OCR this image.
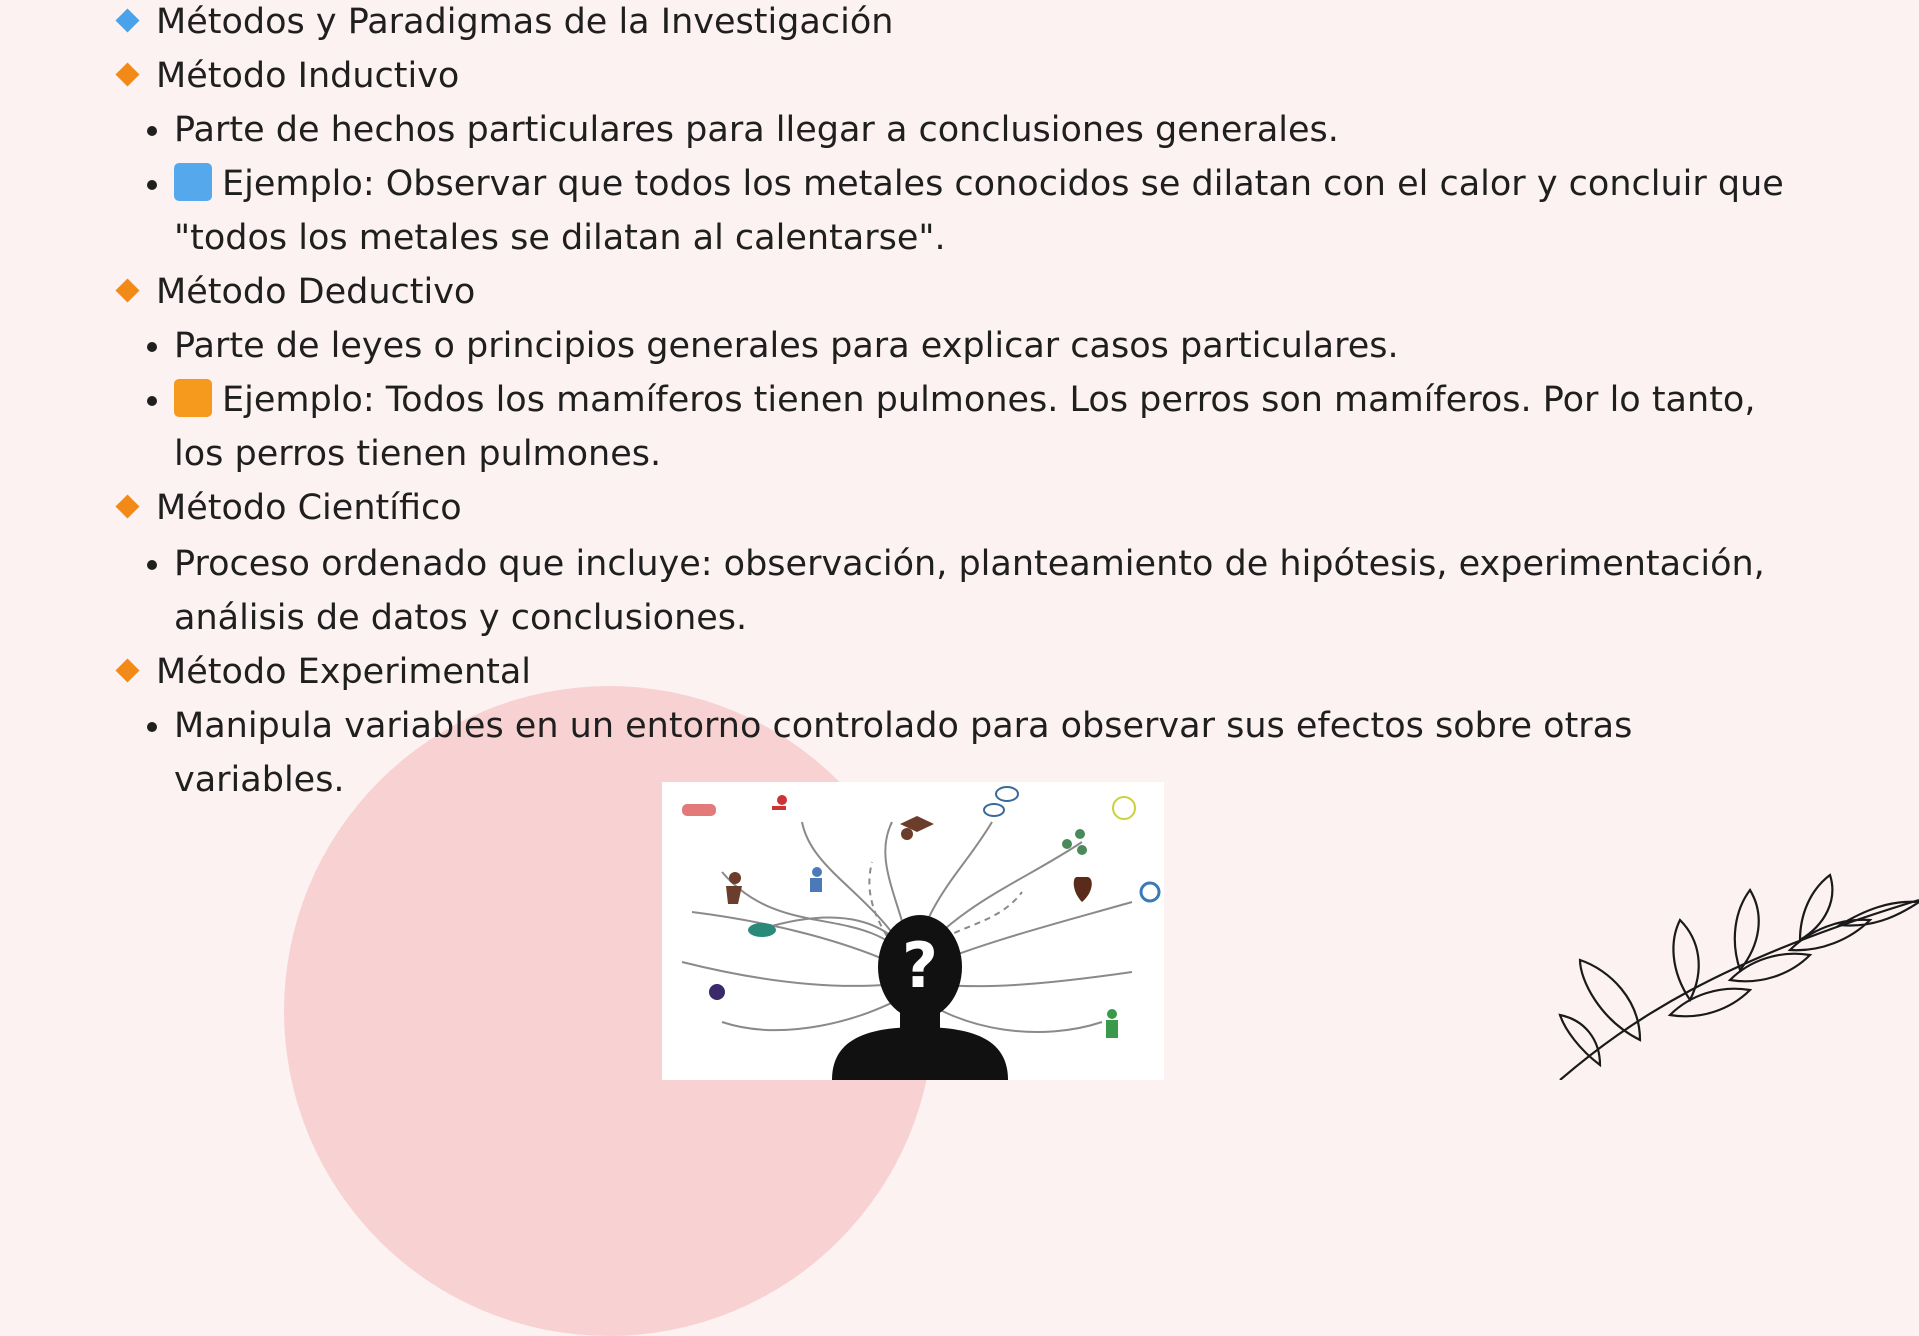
Métodos y Paradigmas de la Investigación
Método Inductivo
Parte de hechos particulares para llegar a conclusiones generales.
Ejemplo: Observar que todos los metales conocidos se dilatan con el calor y concluir que
"todos los metales se dilatan al calentarse".
Método Deductivo
Parte de leyes o principios generales para explicar casos particulares.
Ejemplo: Todos los mamíferos tienen pulmones. Los perros son mamíferos. Por lo tanto,
los perros tienen pulmones.
Método Científico
Proceso ordenado que incluye: observación, planteamiento de hipótesis, experimentación,
análisis de datos y conclusiones.
Método Experimental
Manipula variables en un entorno controlado para observar sus efectos sobre otras
variables.
?
